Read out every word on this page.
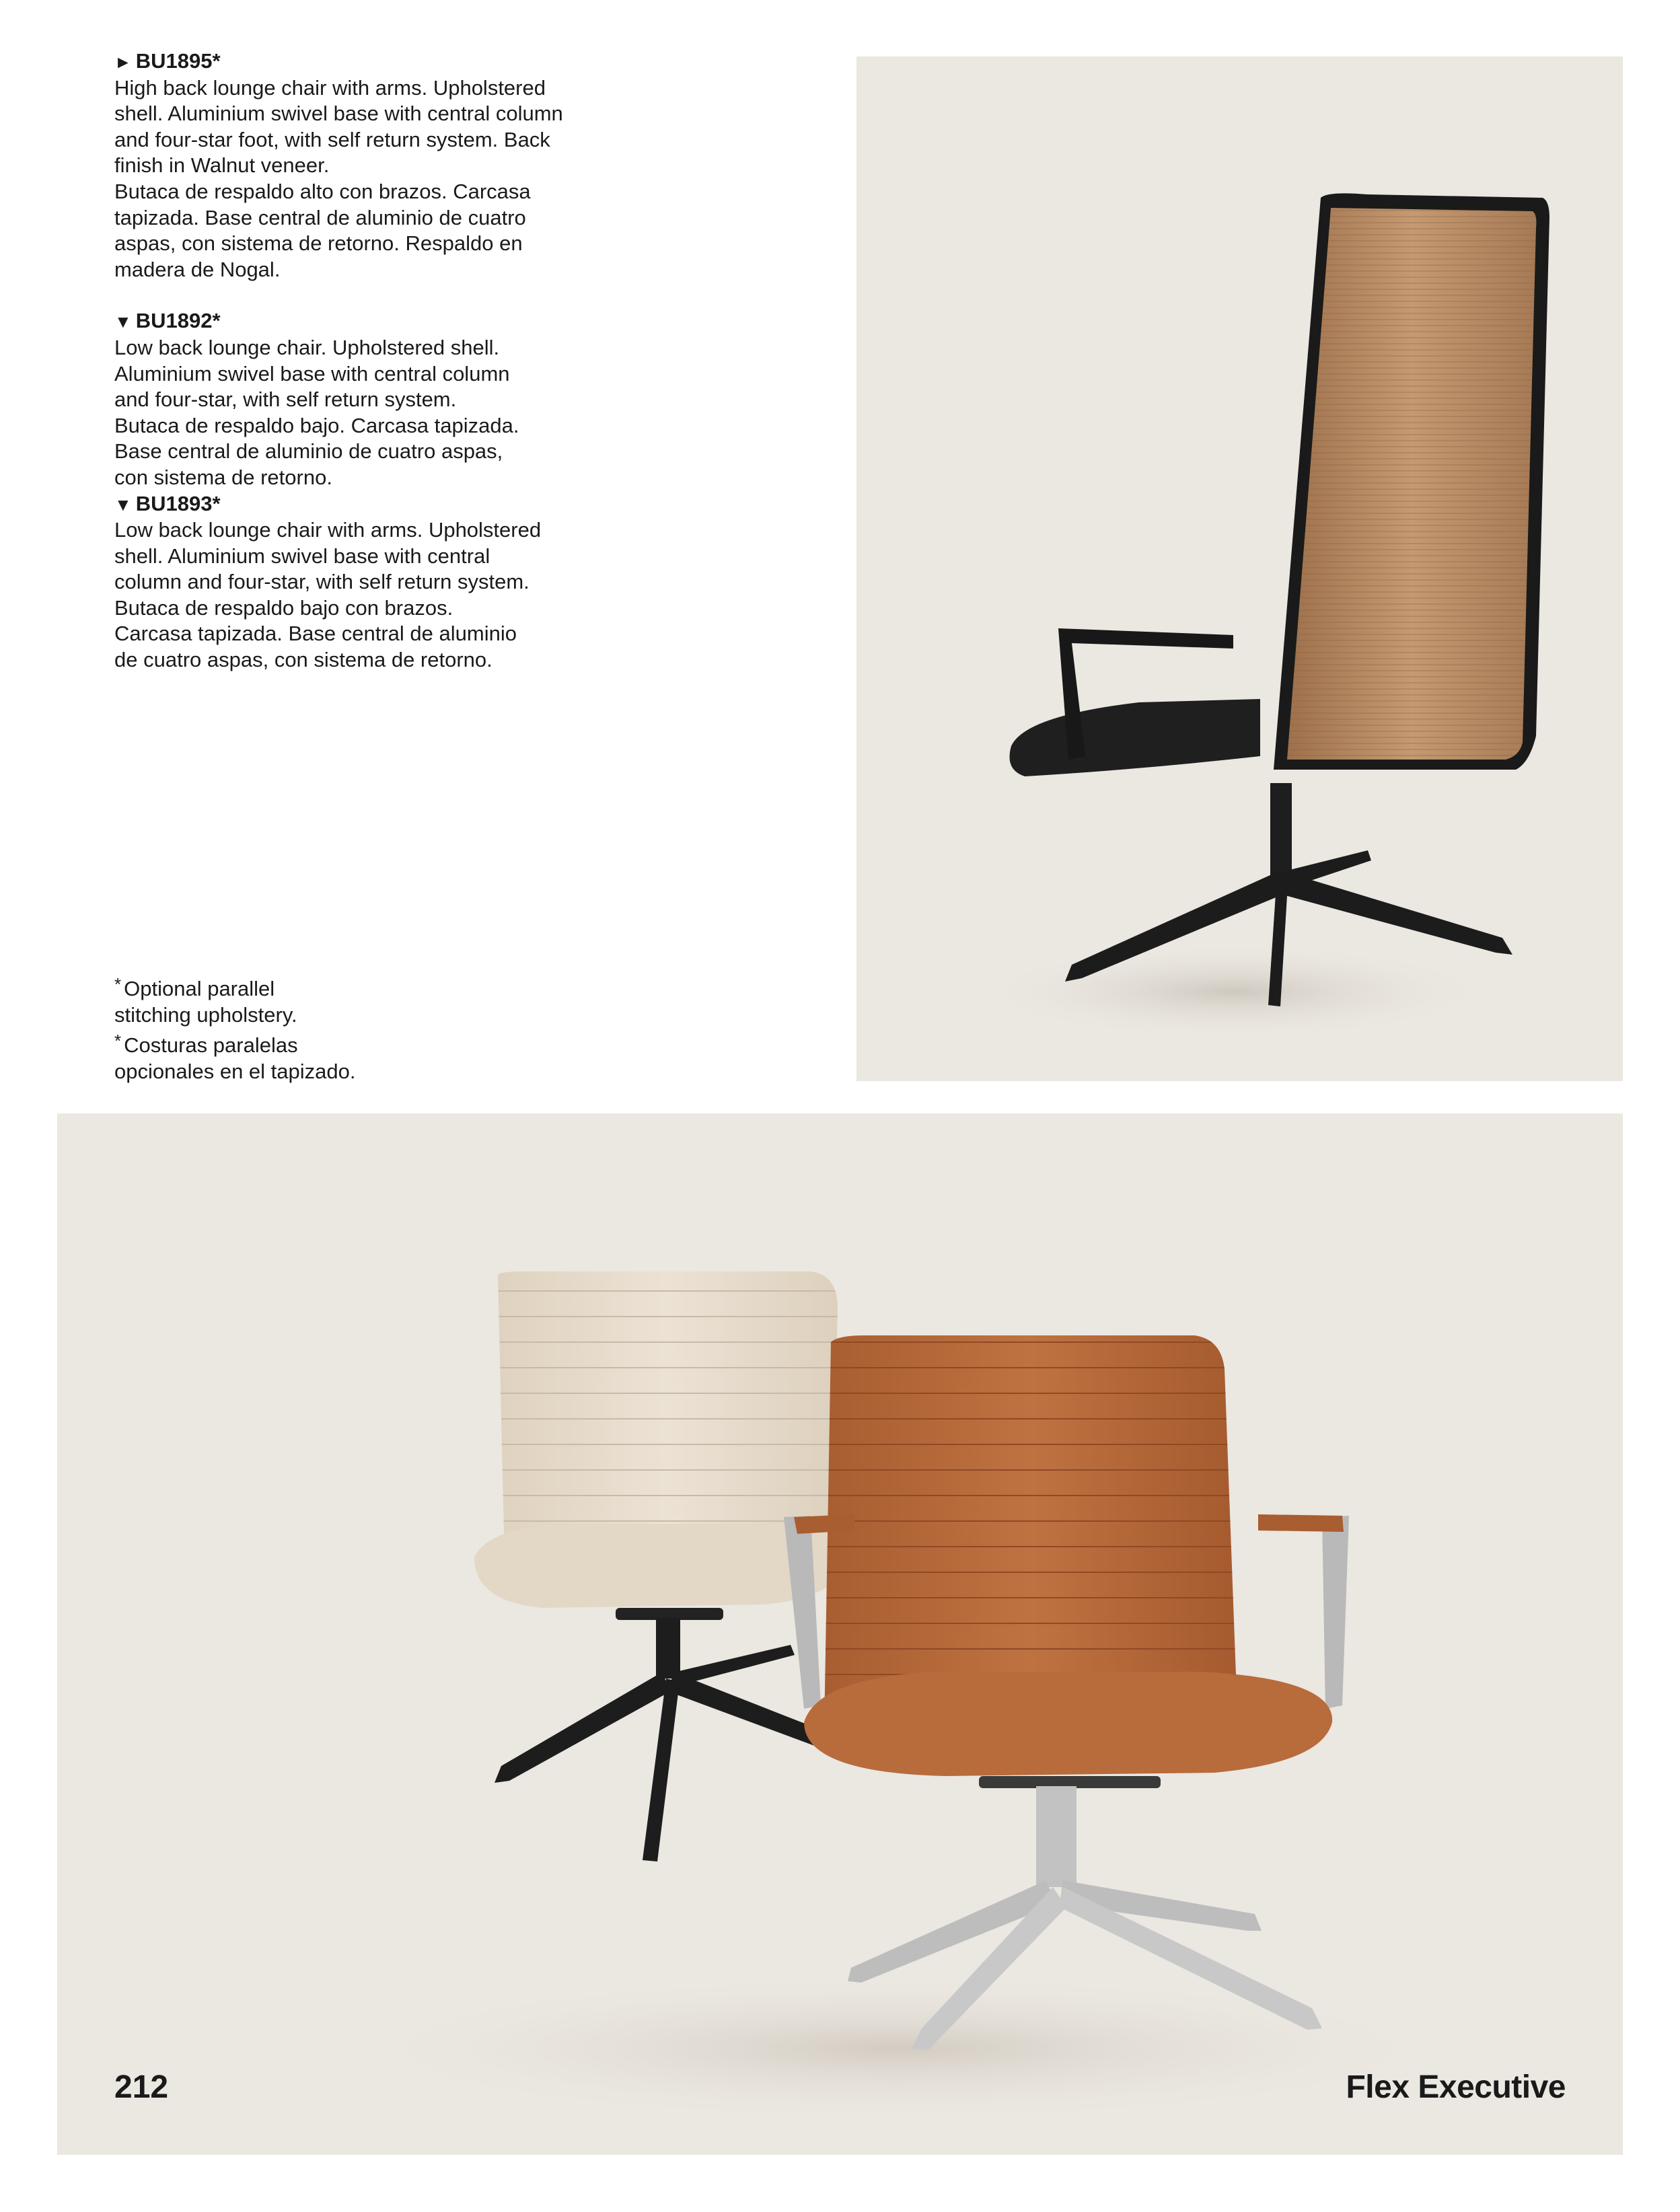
► BU1895*
High back lounge chair with arms. Upholstered
shell. Aluminium swivel base with central column
and four-star foot, with self return system. Back
finish in Walnut veneer.
Butaca de respaldo alto con brazos. Carcasa
tapizada. Base central de aluminio de cuatro
aspas, con sistema de retorno. Respaldo en
madera de Nogal.
▼ BU1892*
Low back lounge chair. Upholstered shell.
Aluminium swivel base with central column
and four-star, with self return system.
Butaca de respaldo bajo. Carcasa tapizada.
Base central de aluminio de cuatro aspas,
con sistema de retorno.
▼ BU1893*
Low back lounge chair with arms. Upholstered
shell. Aluminium swivel base with central
column and four-star, with self return system.
Butaca de respaldo bajo con brazos.
Carcasa tapizada. Base central de aluminio
de cuatro aspas, con sistema de retorno.
* Optional parallel
stitching upholstery.
* Costuras paralelas
opcionales en el tapizado.
212	Flex Executive
